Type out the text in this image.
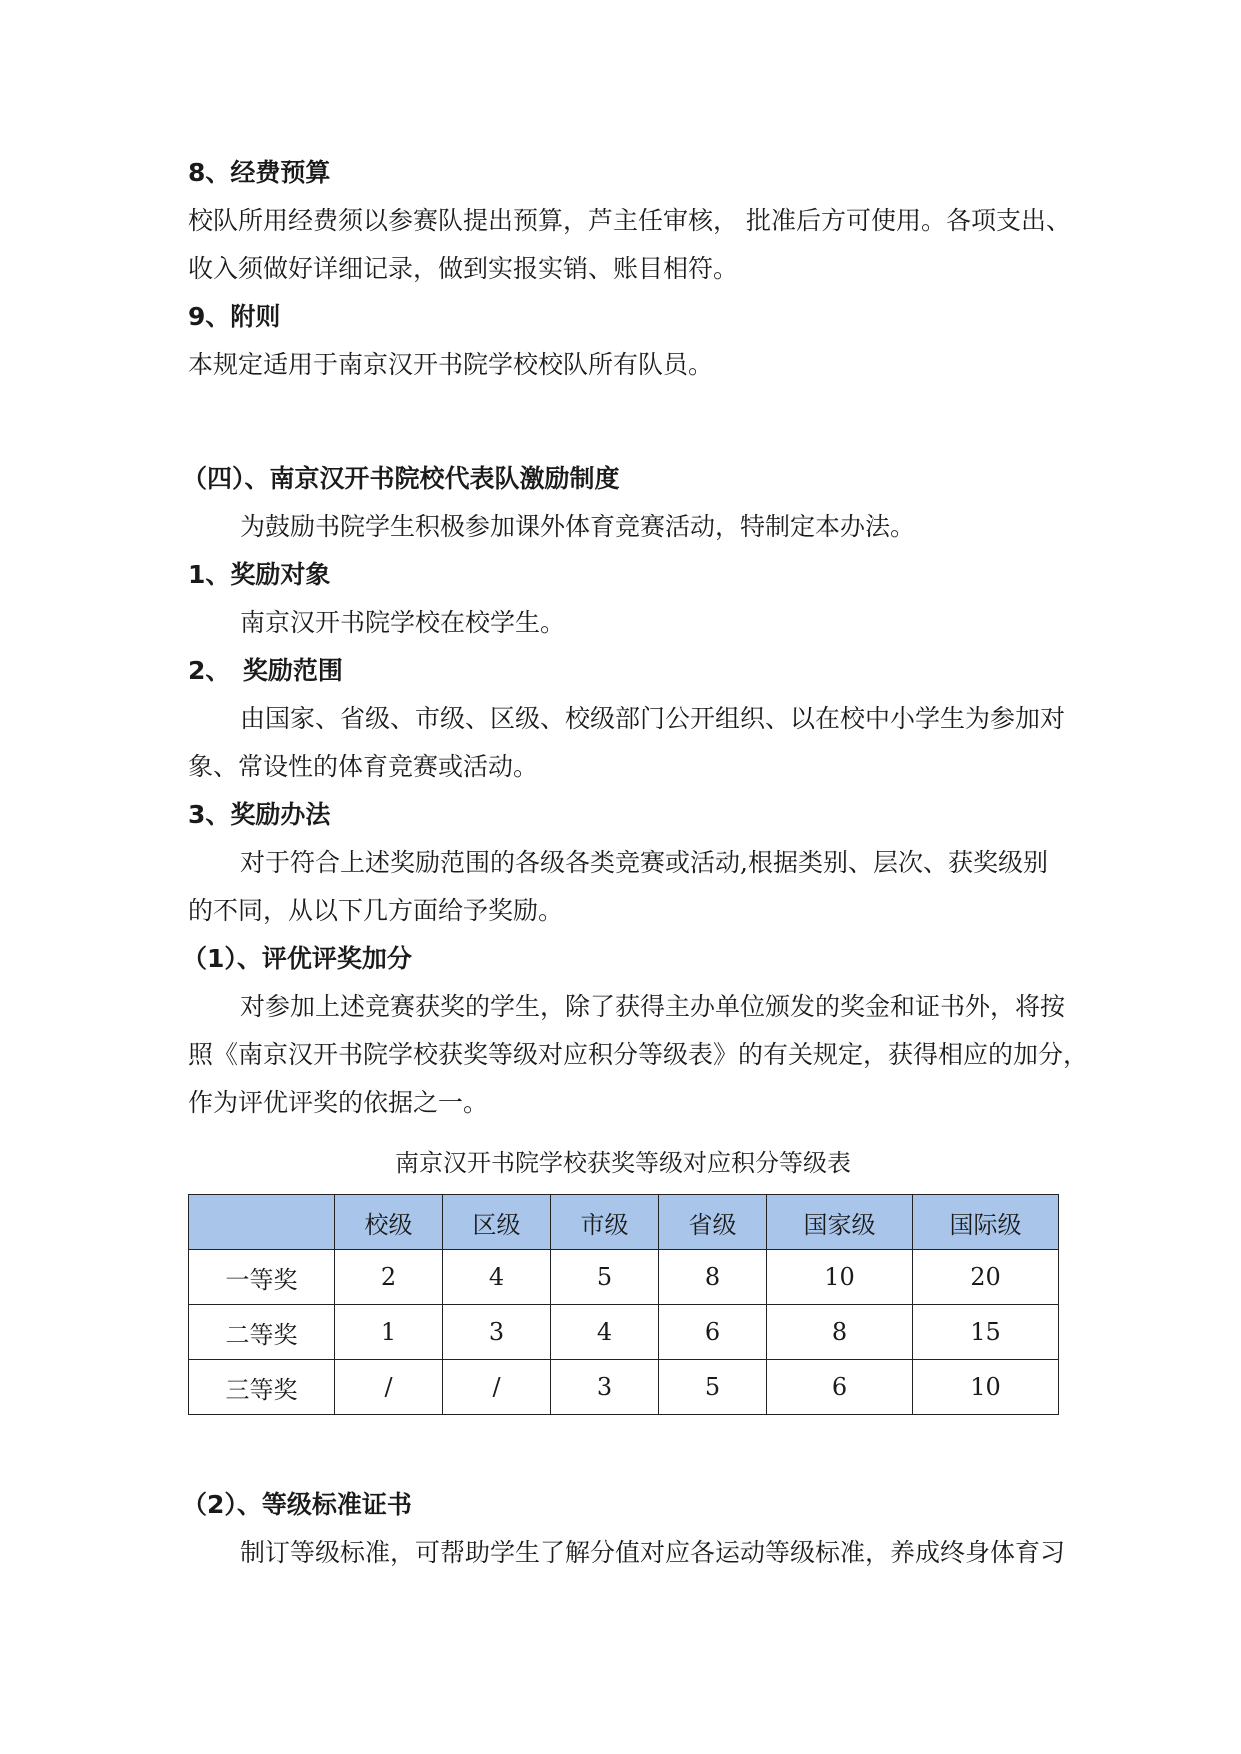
8、经费预算
校队所用经费须以参赛队提出预算，芦主任审核， 批准后方可使用。各项支出、
收入须做好详细记录，做到实报实销、账目相符。
9、附则
本规定适用于南京汉开书院学校校队所有队员。
（四）、南京汉开书院校代表队激励制度
为鼓励书院学生积极参加课外体育竞赛活动，特制定本办法。
1、奖励对象
南京汉开书院学校在校学生。
2、　奖励范围
由国家、省级、市级、区级、校级部门公开组织、以在校中小学生为参加对
象、常设性的体育竞赛或活动。
3、奖励办法
对于符合上述奖励范围的各级各类竞赛或活动,根据类别、层次、获奖级别
的不同，从以下几方面给予奖励。
（1）、评优评奖加分
对参加上述竞赛获奖的学生，除了获得主办单位颁发的奖金和证书外，将按
照《南京汉开书院学校获奖等级对应积分等级表》的有关规定，获得相应的加分，
作为评优评奖的依据之一。
南京汉开书院学校获奖等级对应积分等级表
	校级	区级	市级	省级	国家级	国际级
一等奖	2	4	5	8	10	20
二等奖	1	3	4	6	8	15
三等奖	/	/	3	5	6	10
（2）、等级标准证书
制订等级标准，可帮助学生了解分值对应各运动等级标准，养成终身体育习
